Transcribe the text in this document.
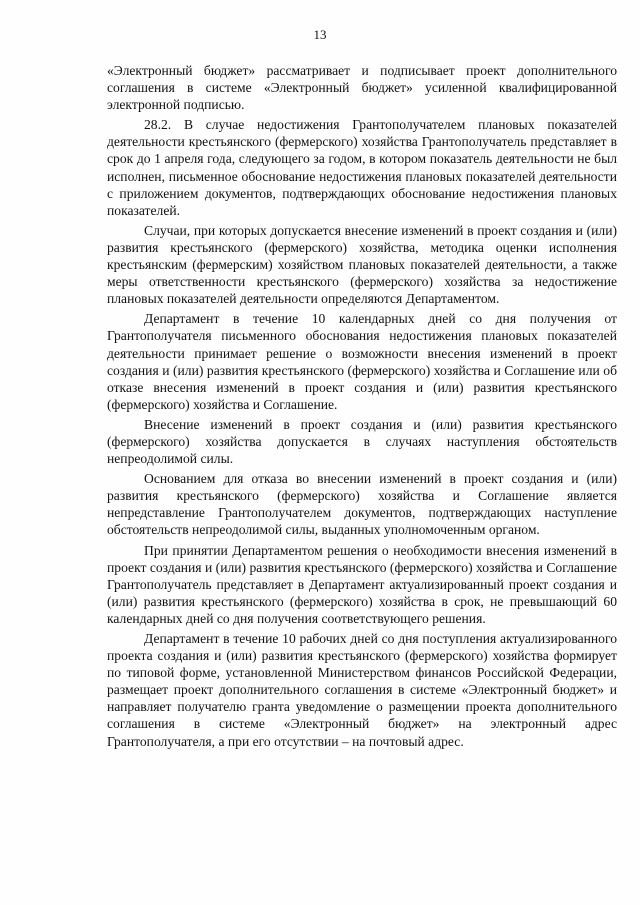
13

«Электронный бюджет» рассматривает и подписывает проект дополнительного соглашения в системе «Электронный бюджет» усиленной квалифицированной электронной подписью.

28.2. В случае недостижения Грантополучателем плановых показателей деятельности крестьянского (фермерского) хозяйства Грантополучатель представляет в срок до 1 апреля года, следующего за годом, в котором показатель деятельности не был исполнен, письменное обоснование недостижения плановых показателей деятельности с приложением документов, подтверждающих обоснование недостижения плановых показателей.

Случаи, при которых допускается внесение изменений в проект создания и (или) развития крестьянского (фермерского) хозяйства, методика оценки исполнения крестьянским (фермерским) хозяйством плановых показателей деятельности, а также меры ответственности крестьянского (фермерского) хозяйства за недостижение плановых показателей деятельности определяются Департаментом.

Департамент в течение 10 календарных дней со дня получения от Грантополучателя письменного обоснования недостижения плановых показателей деятельности принимает решение о возможности внесения изменений в проект создания и (или) развития крестьянского (фермерского) хозяйства и Соглашение или об отказе внесения изменений в проект создания и (или) развития крестьянского (фермерского) хозяйства и Соглашение.

Внесение изменений в проект создания и (или) развития крестьянского (фермерского) хозяйства допускается в случаях наступления обстоятельств непреодолимой силы.

Основанием для отказа во внесении изменений в проект создания и (или) развития крестьянского (фермерского) хозяйства и Соглашение является непредставление Грантополучателем документов, подтверждающих наступление обстоятельств непреодолимой силы, выданных уполномоченным органом.

При принятии Департаментом решения о необходимости внесения изменений в проект создания и (или) развития крестьянского (фермерского) хозяйства и Соглашение Грантополучатель представляет в Департамент актуализированный проект создания и (или) развития крестьянского (фермерского) хозяйства в срок, не превышающий 60 календарных дней со дня получения соответствующего решения.

Департамент в течение 10 рабочих дней со дня поступления актуализированного проекта создания и (или) развития крестьянского (фермерского) хозяйства формирует по типовой форме, установленной Министерством финансов Российской Федерации, размещает проект дополнительного соглашения в системе «Электронный бюджет» и направляет получателю гранта уведомление о размещении проекта дополнительного соглашения в системе «Электронный бюджет» на электронный адрес Грантополучателя, а при его отсутствии – на почтовый адрес.
